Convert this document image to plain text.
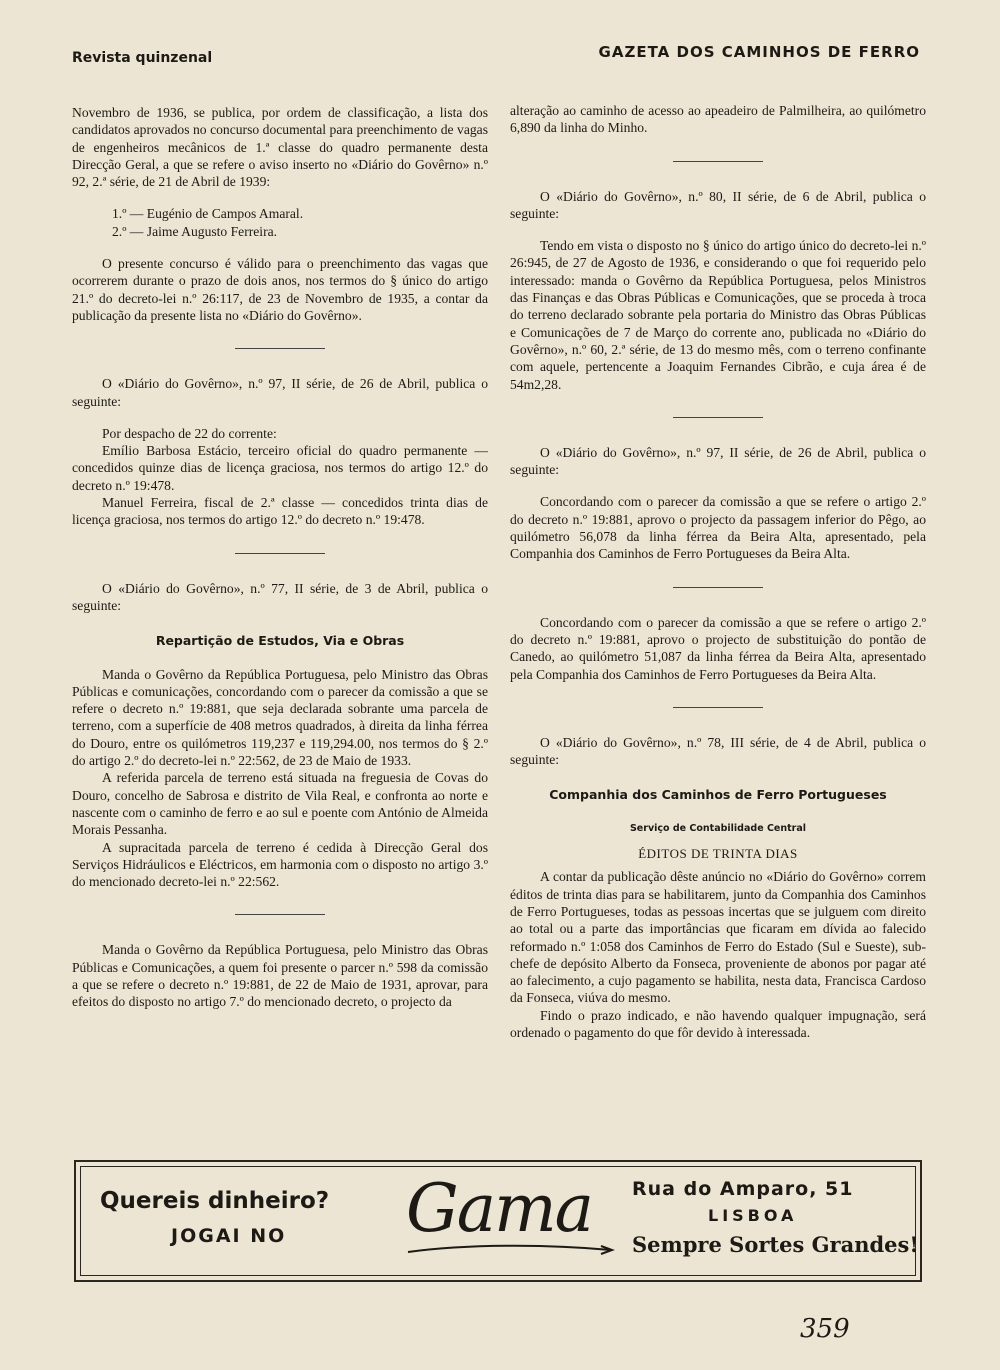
Revista quinzenal	GAZETA DOS CAMINHOS DE FERRO

Novembro de 1936, se publica, por ordem de classificação, a lista dos candidatos aprovados no concurso documental para preenchimento de vagas de engenheiros mecânicos de 1.ª classe do quadro permanente desta Direcção Geral, a que se refere o aviso inserto no «Diário do Govêrno» n.º 92, 2.ª série, de 21 de Abril de 1939:

1.º — Eugénio de Campos Amaral.

2.º — Jaime Augusto Ferreira.

O presente concurso é válido para o preenchimento das vagas que ocorrerem durante o prazo de dois anos, nos termos do § único do artigo 21.º do decreto-lei n.º 26:117, de 23 de Novembro de 1935, a contar da publicação da presente lista no «Diário do Govêrno».

O «Diário do Govêrno», n.º 97, II série, de 26 de Abril, publica o seguinte:

Por despacho de 22 do corrente:

Emílio Barbosa Estácio, terceiro oficial do quadro permanente — concedidos quinze dias de licença graciosa, nos termos do artigo 12.º do decreto n.º 19:478.

Manuel Ferreira, fiscal de 2.ª classe — concedidos trinta dias de licença graciosa, nos termos do artigo 12.º do decreto n.º 19:478.

O «Diário do Govêrno», n.º 77, II série, de 3 de Abril, publica o seguinte:

Repartição de Estudos, Via e Obras

Manda o Govêrno da República Portuguesa, pelo Ministro das Obras Públicas e comunicações, concordando com o parecer da comissão a que se refere o decreto n.º 19:881, que seja declarada sobrante uma parcela de terreno, com a superfície de 408 metros quadrados, à direita da linha férrea do Douro, entre os quilómetros 119,237 e 119,294.00, nos termos do § 2.º do artigo 2.º do decreto-lei n.º 22:562, de 23 de Maio de 1933.

A referida parcela de terreno está situada na freguesia de Covas do Douro, concelho de Sabrosa e distrito de Vila Real, e confronta ao norte e nascente com o caminho de ferro e ao sul e poente com António de Almeida Morais Pessanha.

A supracitada parcela de terreno é cedida à Direcção Geral dos Serviços Hidráulicos e Eléctricos, em harmonia com o disposto no artigo 3.º do mencionado decreto-lei n.º 22:562.

Manda o Govêrno da República Portuguesa, pelo Ministro das Obras Públicas e Comunicações, a quem foi presente o parcer n.º 598 da comissão a que se refere o decreto n.º 19:881, de 22 de Maio de 1931, aprovar, para efeitos do disposto no artigo 7.º do mencionado decreto, o projecto da

alteração ao caminho de acesso ao apeadeiro de Palmilheira, ao quilómetro 6,890 da linha do Minho.

O «Diário do Govêrno», n.º 80, II série, de 6 de Abril, publica o seguinte:

Tendo em vista o disposto no § único do artigo único do decreto-lei n.º 26:945, de 27 de Agosto de 1936, e considerando o que foi requerido pelo interessado: manda o Govêrno da República Portuguesa, pelos Ministros das Finanças e das Obras Públicas e Comunicações, que se proceda à troca do terreno declarado sobrante pela portaria do Ministro das Obras Públicas e Comunicações de 7 de Março do corrente ano, publicada no «Diário do Govêrno», n.º 60, 2.ª série, de 13 do mesmo mês, com o terreno confinante com aquele, pertencente a Joaquim Fernandes Cibrão, e cuja área é de 54m2,28.

O «Diário do Govêrno», n.º 97, II série, de 26 de Abril, publica o seguinte:

Concordando com o parecer da comissão a que se refere o artigo 2.º do decreto n.º 19:881, aprovo o projecto da passagem inferior do Pêgo, ao quilómetro 56,078 da linha férrea da Beira Alta, apresentado, pela Companhia dos Caminhos de Ferro Portugueses da Beira Alta.

Concordando com o parecer da comissão a que se refere o artigo 2.º do decreto n.º 19:881, aprovo o projecto de substituição do pontão de Canedo, ao quilómetro 51,087 da linha férrea da Beira Alta, apresentado pela Companhia dos Caminhos de Ferro Portugueses da Beira Alta.

O «Diário do Govêrno», n.º 78, III série, de 4 de Abril, publica o seguinte:

Companhia dos Caminhos de Ferro Portugueses
Serviço de Contabilidade Central
ÉDITOS DE TRINTA DIAS

A contar da publicação dêste anúncio no «Diário do Govêrno» correm éditos de trinta dias para se habilitarem, junto da Companhia dos Caminhos de Ferro Portugueses, todas as pessoas incertas que se julguem com direito ao total ou a parte das importâncias que ficaram em dívida ao falecido reformado n.º 1:058 dos Caminhos de Ferro do Estado (Sul e Sueste), sub-chefe de depósito Alberto da Fonseca, proveniente de abonos por pagar até ao falecimento, a cujo pagamento se habilita, nesta data, Francisca Cardoso da Fonseca, viúva do mesmo.

Findo o prazo indicado, e não havendo qualquer impugnação, será ordenado o pagamento do que fôr devido à interessada.

Quereis dinheiro?
JOGAI NO Gama Rua do Amparo, 51
LISBOA
Sempre Sortes Grandes!
359
